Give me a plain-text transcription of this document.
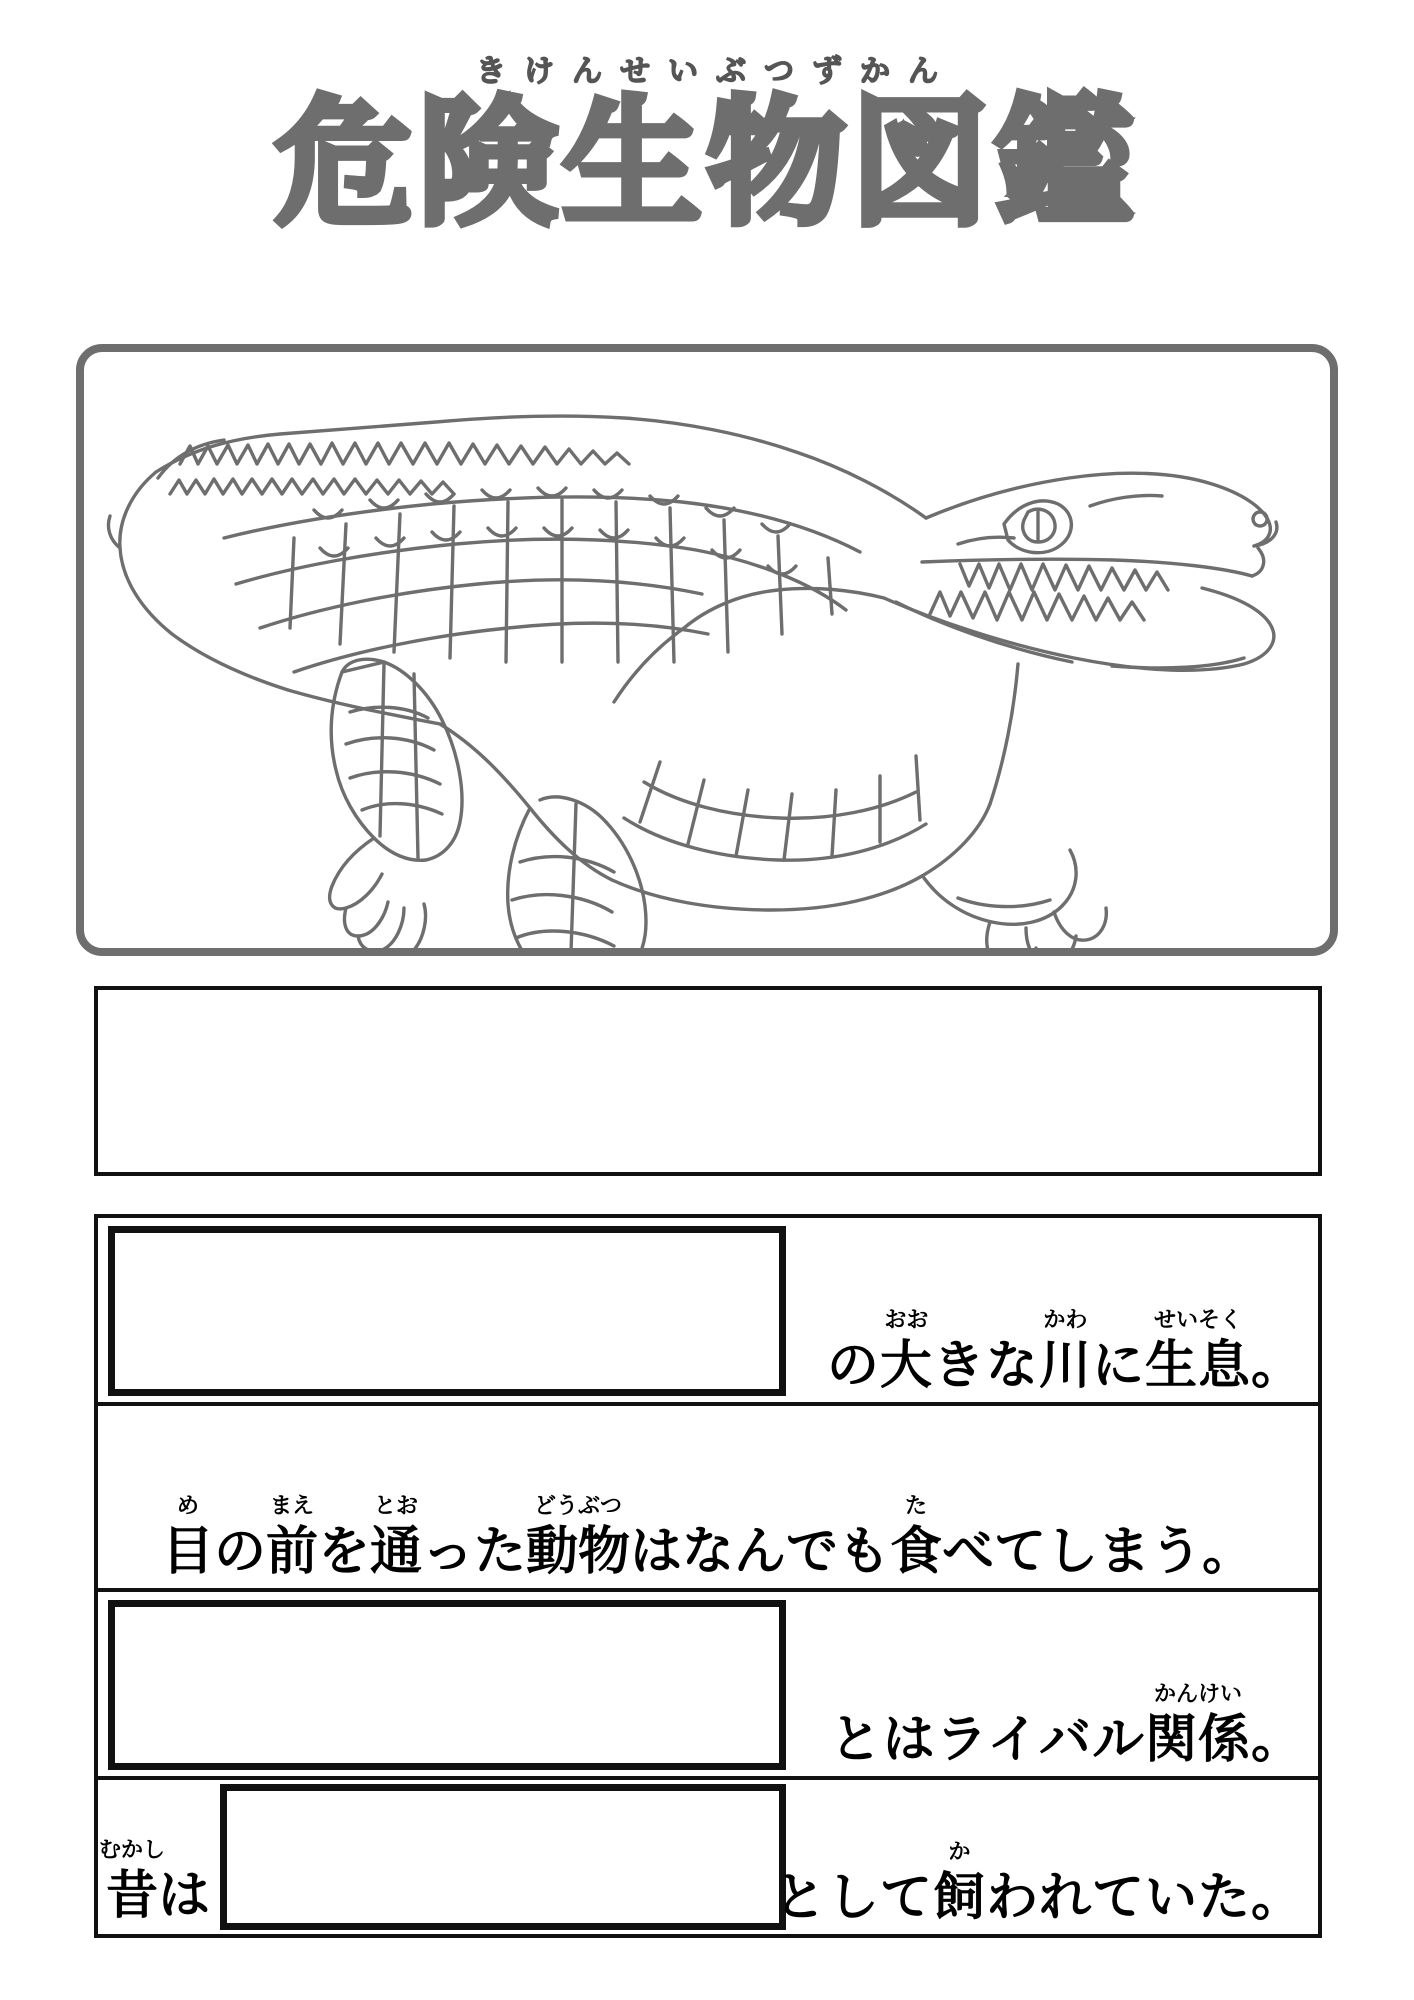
きけんせいぶつずかん
危険生物図鑑
の
おお
大きな
かわ
川に
せいそく
生息。
め
目の
まえ
前を
とお
通った
どうぶつ
動物はなんでも
た
食べてしまう。
とはライバル
かんけい
関係。
むかし
昔は	として
か
飼われていた。
